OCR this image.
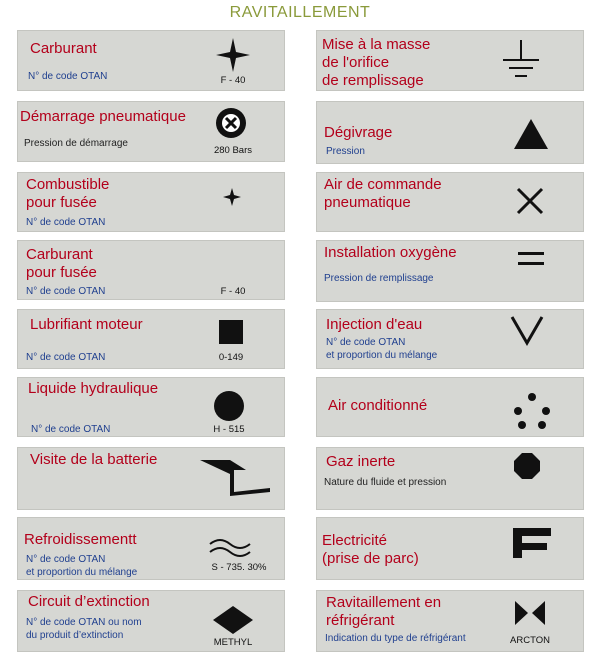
RAVITAILLEMENT
Carburant
N° de code OTAN	F - 40
Démarrage pneumatique
Pression de démarrage
280 Bars
Combustible
pour fusée
N° de code OTAN
Carburant
pour fusée
N° de code OTAN	F - 40
Lubrifiant moteur
N° de code OTAN	0-149
Liquide hydraulique
N° de code OTAN	H - 515
Visite de la batterie
Refroidissementt
N° de code OTAN
et proportion du mélange	S - 735. 30%
Circuit d’extinction
N° de code OTAN ou nom
du produit d’extinction
METHYL
Mise à la masse
de l'orifice
de remplissage
Dégivrage
Pression
Air de commande
pneumatique
Installation oxygène
Pression de remplissage
Injection d'eau
N° de code OTAN
et proportion du mélange
Air conditionné
Gaz inerte
Nature du fluide et pression
Electricité
(prise de parc)
Ravitaillement en
réfrigérant
Indication du type de réfrigérant	ARCTON
